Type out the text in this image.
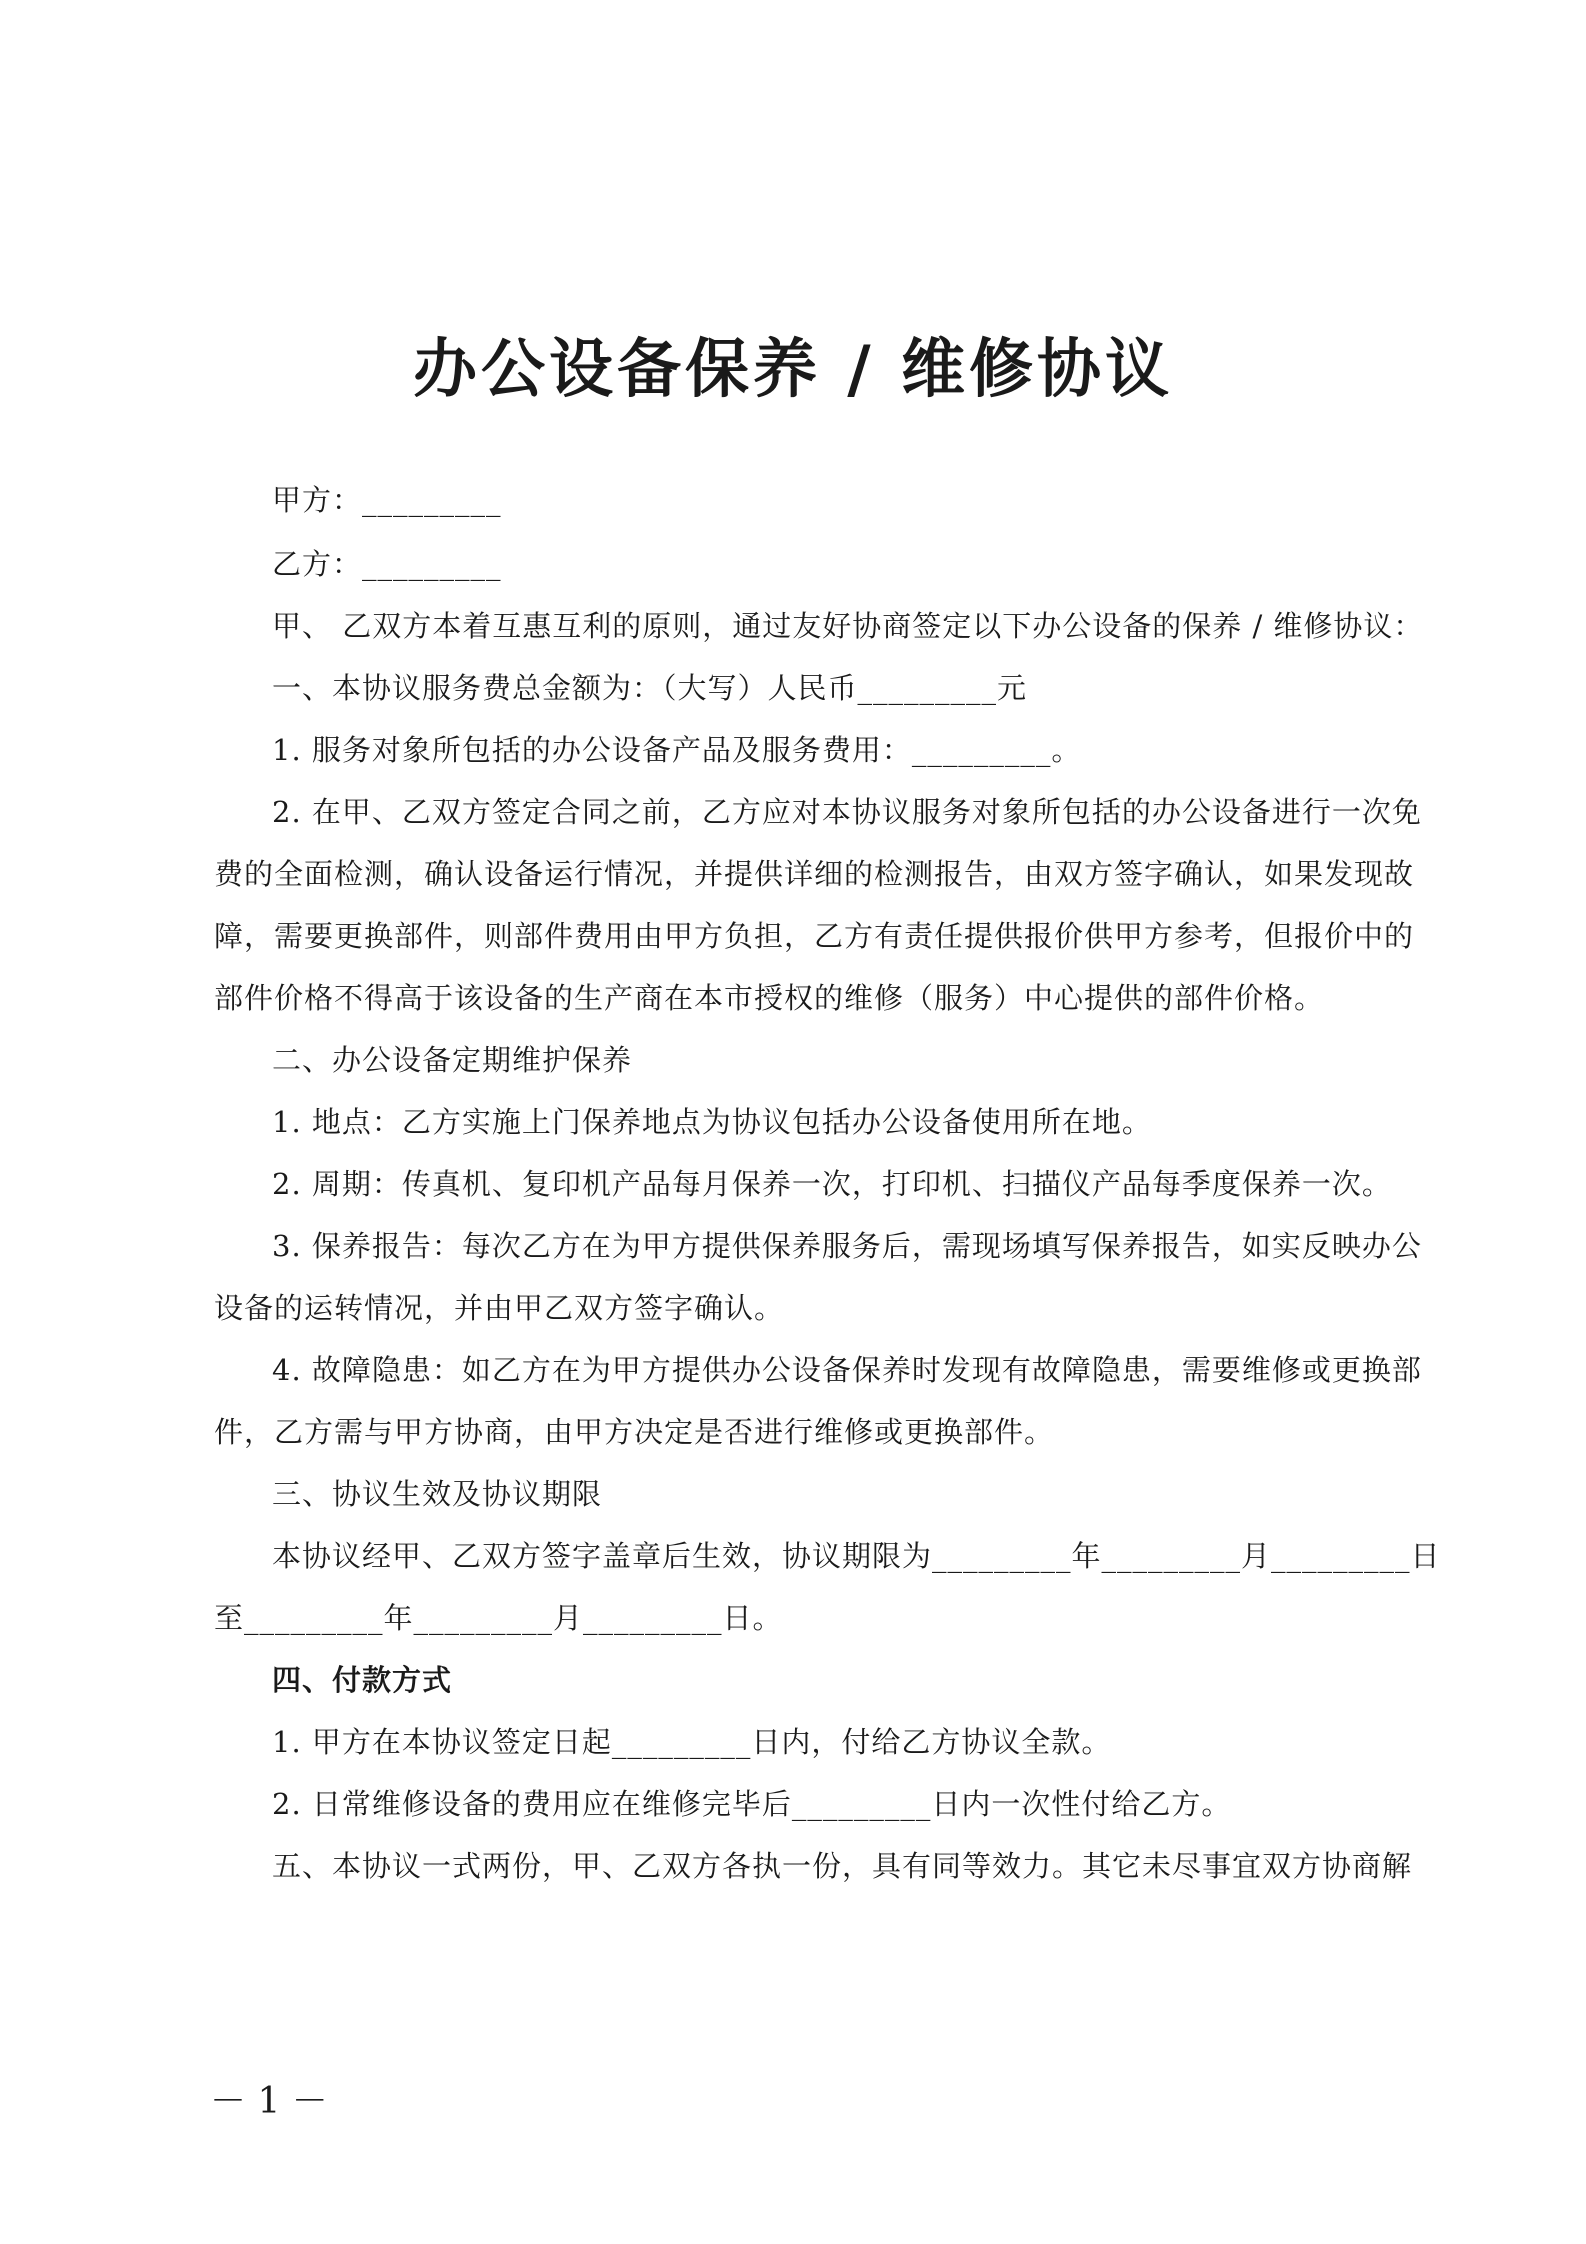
办公设备保养 / 维修协议
甲方：_________
乙方：_________
甲、 乙双方本着互惠互利的原则，通过友好协商签定以下办公设备的保养 / 维修协议：
一、本协议服务费总金额为：（大写）人民币_________元
1. 服务对象所包括的办公设备产品及服务费用：_________。
2. 在甲、乙双方签定合同之前，乙方应对本协议服务对象所包括的办公设备进行一次免
费的全面检测，确认设备运行情况，并提供详细的检测报告，由双方签字确认，如果发现故
障，需要更换部件，则部件费用由甲方负担，乙方有责任提供报价供甲方参考，但报价中的
部件价格不得高于该设备的生产商在本市授权的维修（服务）中心提供的部件价格。
二、办公设备定期维护保养
1. 地点：乙方实施上门保养地点为协议包括办公设备使用所在地。
2. 周期：传真机、复印机产品每月保养一次，打印机、扫描仪产品每季度保养一次。
3. 保养报告：每次乙方在为甲方提供保养服务后，需现场填写保养报告，如实反映办公
设备的运转情况，并由甲乙双方签字确认。
4. 故障隐患：如乙方在为甲方提供办公设备保养时发现有故障隐患，需要维修或更换部
件，乙方需与甲方协商，由甲方决定是否进行维修或更换部件。
三、协议生效及协议期限
本协议经甲、乙双方签字盖章后生效，协议期限为_________年_________月_________日
至_________年_________月_________日。
四、付款方式
1. 甲方在本协议签定日起_________日内，付给乙方协议全款。
2. 日常维修设备的费用应在维修完毕后_________日内一次性付给乙方。
五、本协议一式两份，甲、乙双方各执一份，具有同等效力。其它未尽事宜双方协商解
－ 1 －
